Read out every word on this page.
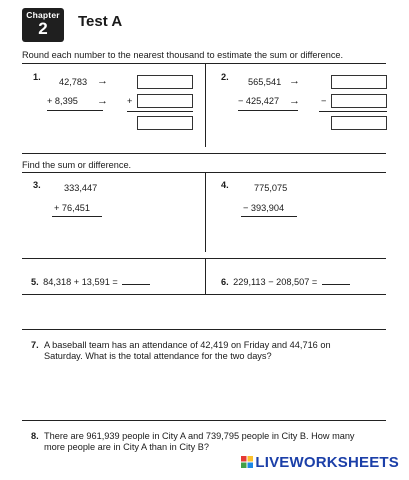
Chapter
2	Test A
Round each number to the nearest thousand to estimate the sum or difference.
1. 42,783 →
+ 8,395 → +
2. 565,541 →
− 425,427 → −
Find the sum or difference.
3.	333,447
+ 76,451
4.	775,075
− 393,904
5. 84,318 + 13,591 =	6. 229,113 − 208,507 =
7. A baseball team has an attendance of 42,419 on Friday and 44,716 on
Saturday. What is the total attendance for the two days?
8. There are 961,939 people in City A and 739,795 people in City B. How many
more people are in City A than in City B?
LIVEWORKSHEETS
